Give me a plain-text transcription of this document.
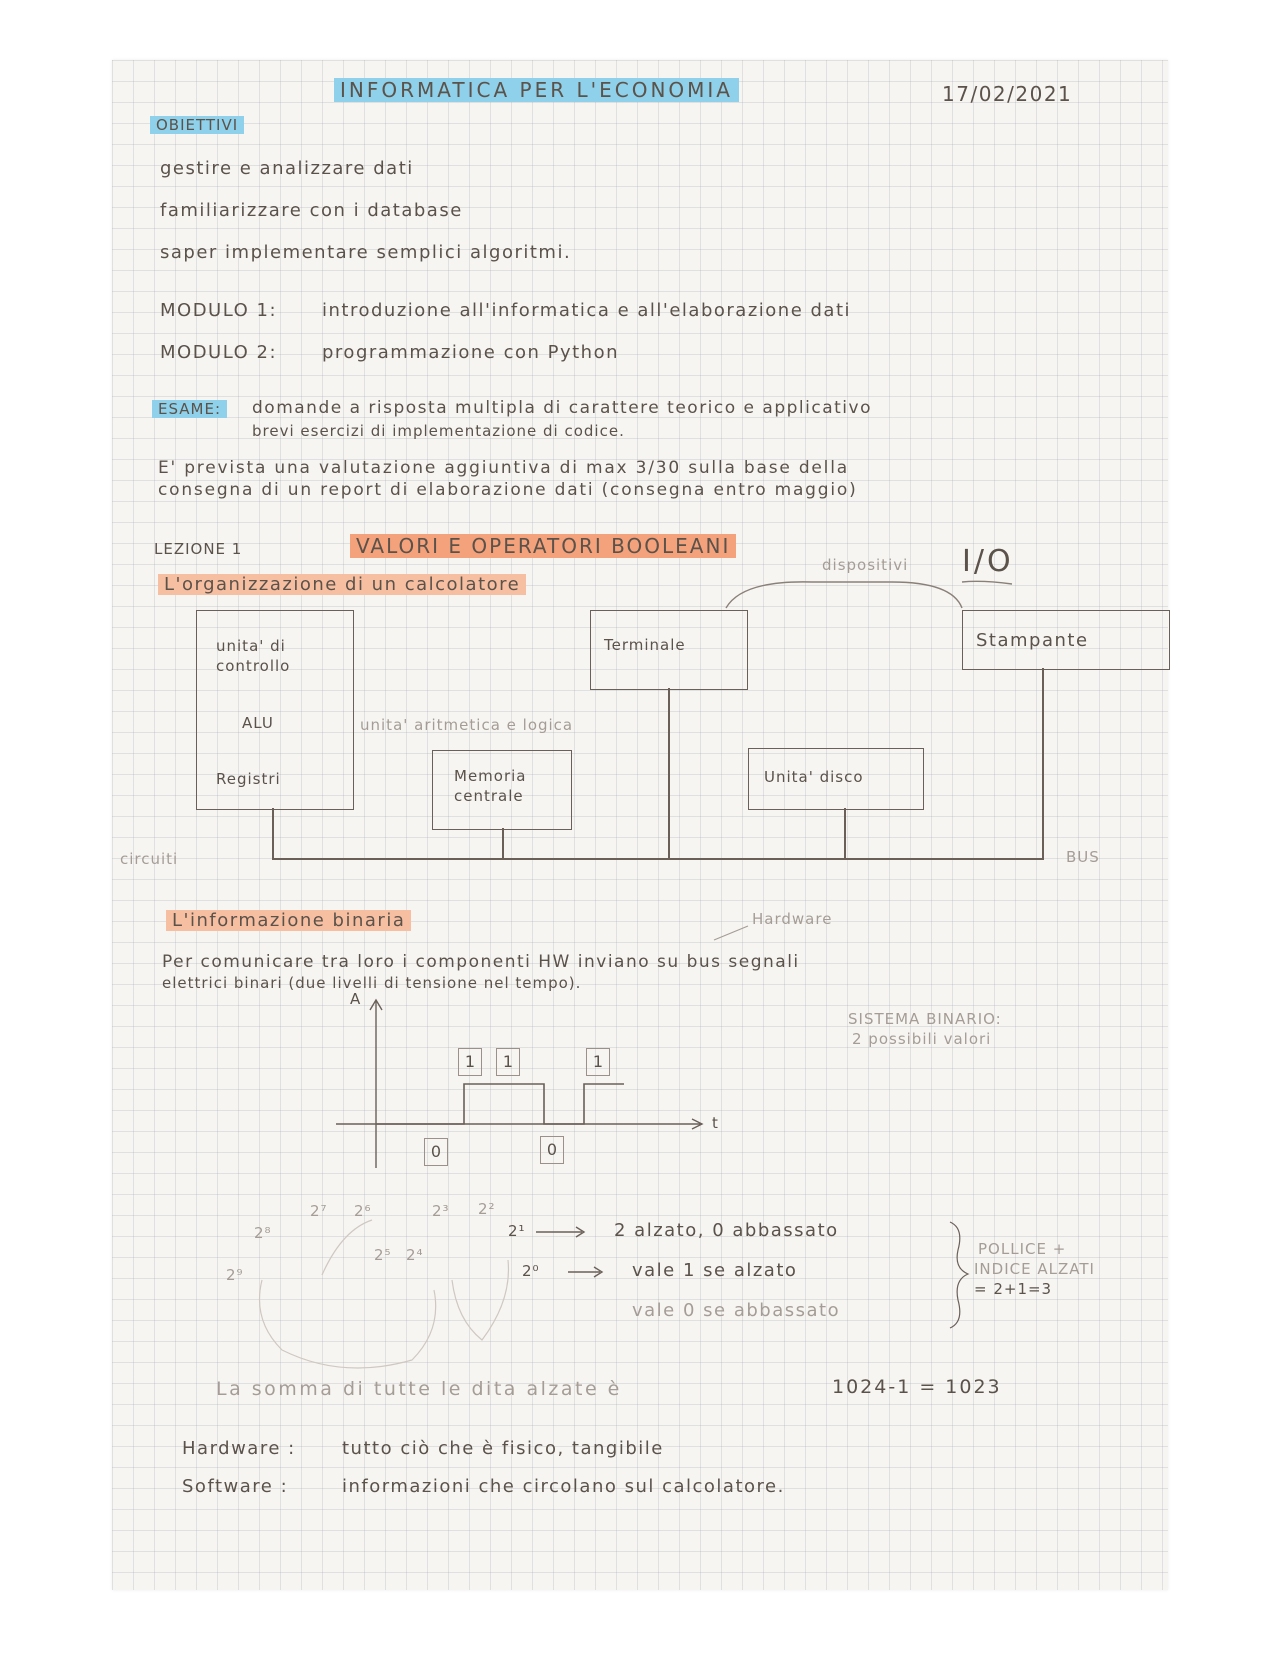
INFORMATICA PER L'ECONOMIA	17/02/2021
OBIETTIVI
gestire e analizzare dati
familiarizzare con i database
saper implementare semplici algoritmi.
MODULO 1: introduzione all'informatica e all'elaborazione dati
MODULO 2: programmazione con Python
ESAME:	domande a risposta multipla di carattere teorico e applicativo
brevi esercizi di implementazione di codice.
E' prevista una valutazione aggiuntiva di max 3/30 sulla base della
consegna di un report di elaborazione dati (consegna entro maggio)
LEZIONE 1	VALORI E OPERATORI BOOLEANI
L'organizzazione di un calcolatore
dispositivi I/O
unita' di controllo
ALU
Registri
unita' aritmetica e logica
Memoria centrale
Terminale
Unita' disco
Stampante
circuiti	BUS
L'informazione binaria	Hardware
Per comunicare tra loro i componenti HW inviano su bus segnali
elettrici binari (due livelli di tensione nel tempo).
SISTEMA BINARIO:
2 possibili valori
A
t
0
1	1
0
1
2⁹
2⁸
2⁷ 2⁶
2⁵ 2⁴
2³ 2²
2¹
2⁰
2 alzato, 0 abbassato
vale 1 se alzato
vale 0 se abbassato
POLLICE +
INDICE ALZATI
= 2+1=3
La somma di tutte le dita alzate è	1024-1 = 1023
Hardware :	tutto ciò che è fisico, tangibile
Software :	informazioni che circolano sul calcolatore.
